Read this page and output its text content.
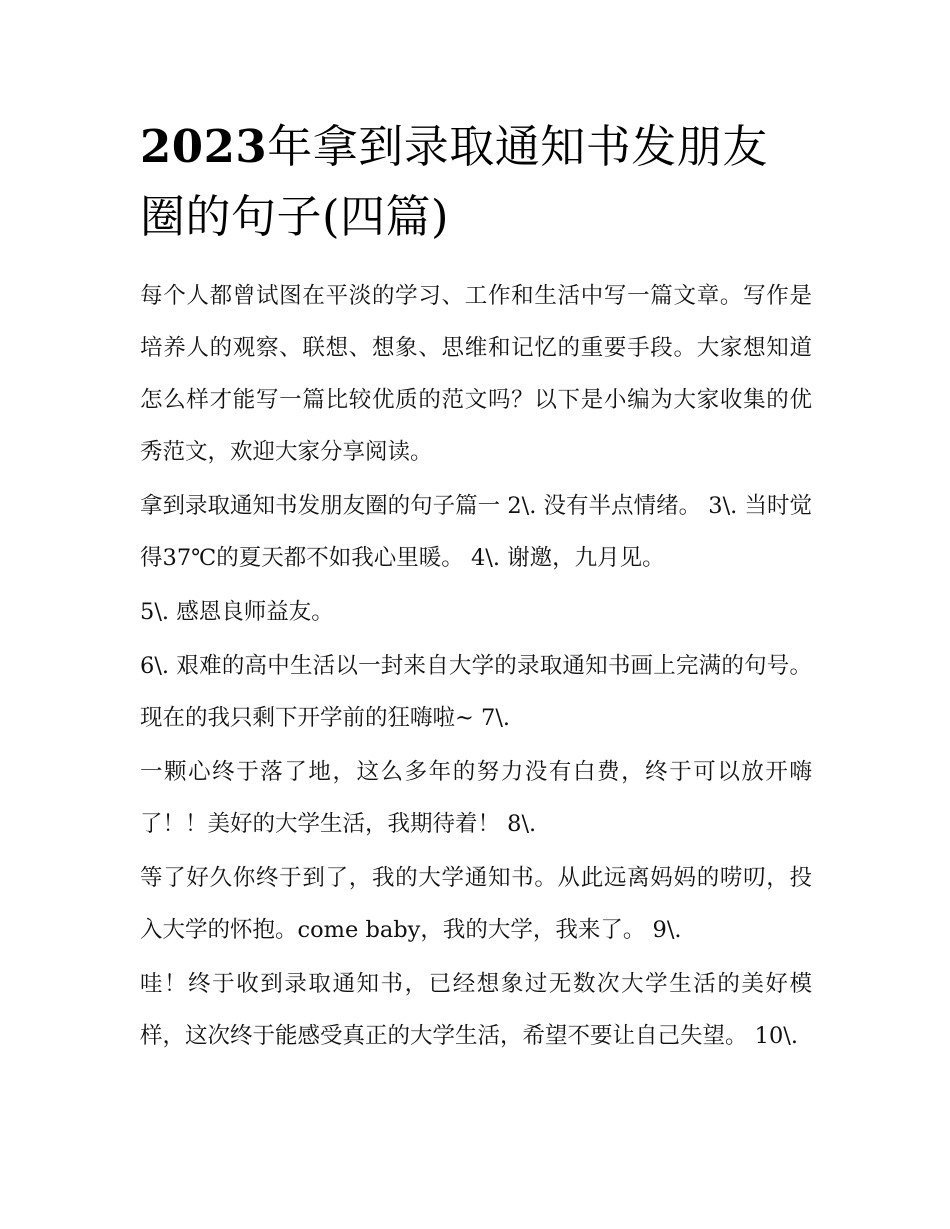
2023年拿到录取通知书发朋友圈的句子(四篇)

每个人都曾试图在平淡的学习、工作和生活中写一篇文章。写作是培养人的观察、联想、想象、思维和记忆的重要手段。大家想知道怎么样才能写一篇比较优质的范文吗？以下是小编为大家收集的优秀范文，欢迎大家分享阅读。

拿到录取通知书发朋友圈的句子篇一 2\. 没有半点情绪。 3\. 当时觉得37℃的夏天都不如我心里暖。 4\. 谢邀，九月见。

5\. 感恩良师益友。

6\. 艰难的高中生活以一封来自大学的录取通知书画上完满的句号。现在的我只剩下开学前的狂嗨啦~ 7\.

一颗心终于落了地，这么多年的努力没有白费，终于可以放开嗨了！！美好的大学生活，我期待着！ 8\.

等了好久你终于到了，我的大学通知书。从此远离妈妈的唠叨，投入大学的怀抱。come baby，我的大学，我来了。 9\.

哇！终于收到录取通知书，已经想象过无数次大学生活的美好模样，这次终于能感受真正的大学生活，希望不要让自己失望。 10\.
